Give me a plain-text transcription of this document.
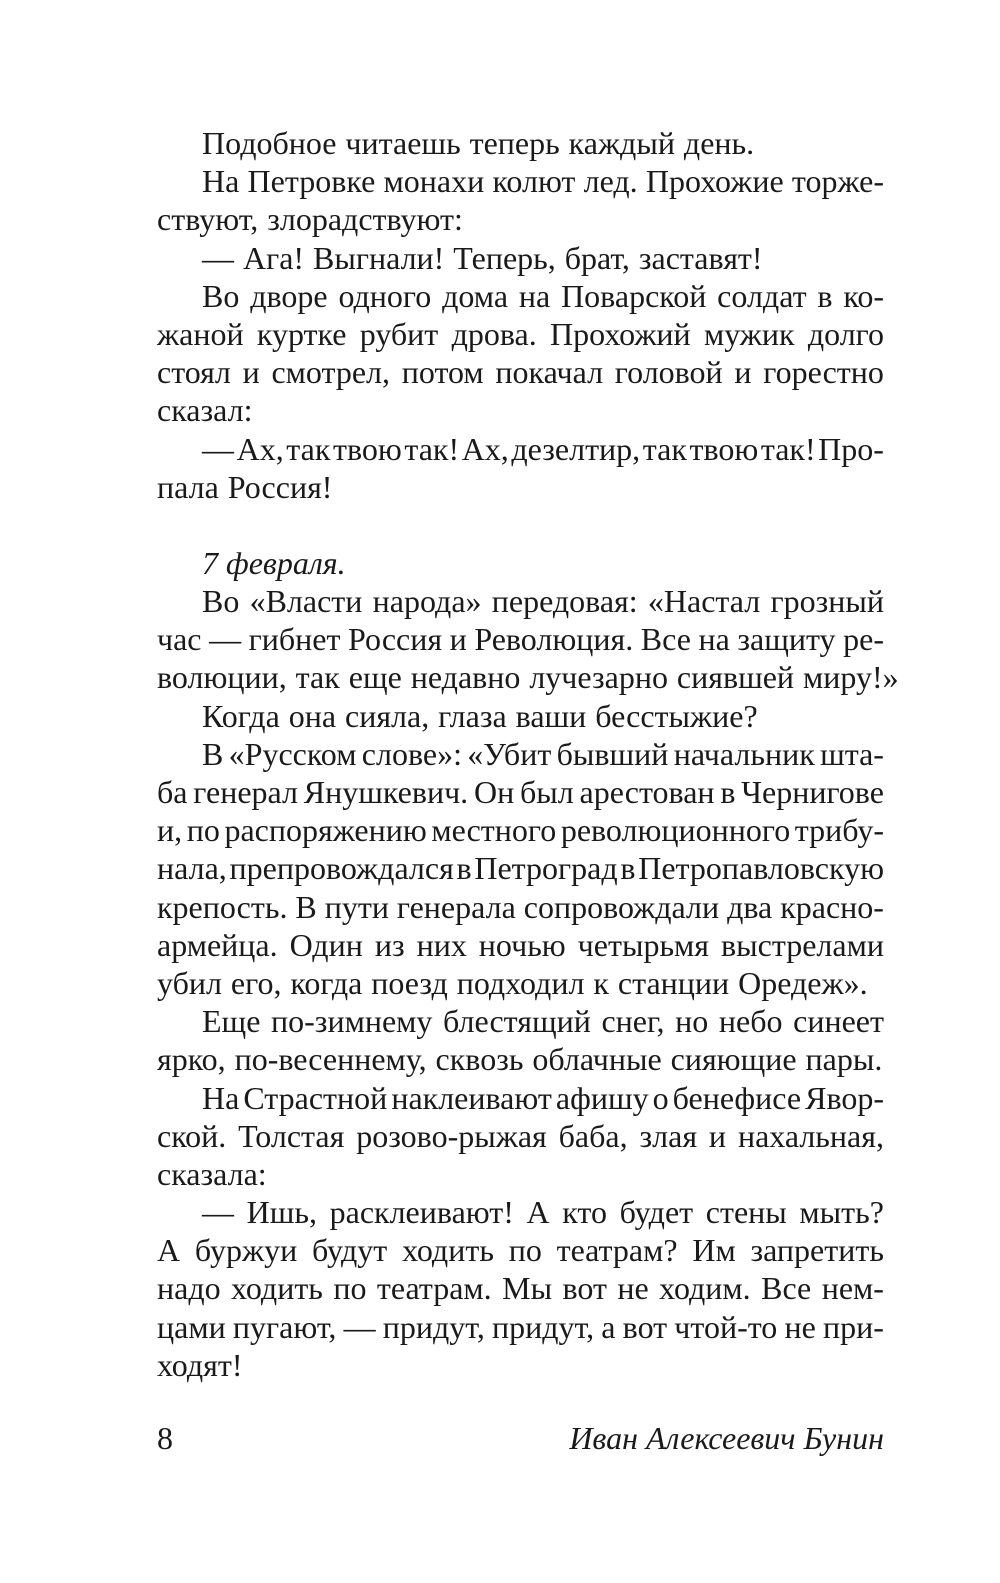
Подобное читаешь теперь каждый день.
На Петровке монахи колют лед. Прохожие торже-
ствуют, злорадствуют:
— Ага! Выгнали! Теперь, брат, заставят!
Во дворе одного дома на Поварской солдат в ко-
жаной куртке рубит дрова. Прохожий мужик долго
стоял и смотрел, потом покачал головой и горестно
сказал:
— Ах, так твою так! Ах, дезелтир, так твою так! Про-
пала Россия!
7 февраля.
Во «Власти народа» передовая: «Настал грозный
час — гибнет Россия и Революция. Все на защиту ре-
волюции, так еще недавно лучезарно сиявшей миру!»
Когда она сияла, глаза ваши бесстыжие?
В «Русском слове»: «Убит бывший начальник шта-
ба генерал Янушкевич. Он был арестован в Чернигове
и, по распоряжению местного революционного трибу-
нала, препровождался в Петроград в Петропавловскую
крепость. В пути генерала сопровождали два красно-
армейца. Один из них ночью четырьмя выстрелами
убил его, когда поезд подходил к станции Оредеж».
Еще по-зимнему блестящий снег, но небо синеет
ярко, по-весеннему, сквозь облачные сияющие пары.
На Страстной наклеивают афишу о бенефисе Явор-
ской. Толстая розово-рыжая баба, злая и нахальная,
сказала:
— Ишь, расклеивают! А кто будет стены мыть?
А буржуи будут ходить по театрам? Им запретить
надо ходить по театрам. Мы вот не ходим. Все нем-
цами пугают, — придут, придут, а вот чтой-то не при-
ходят!
8	Иван Алексеевич Бунин
